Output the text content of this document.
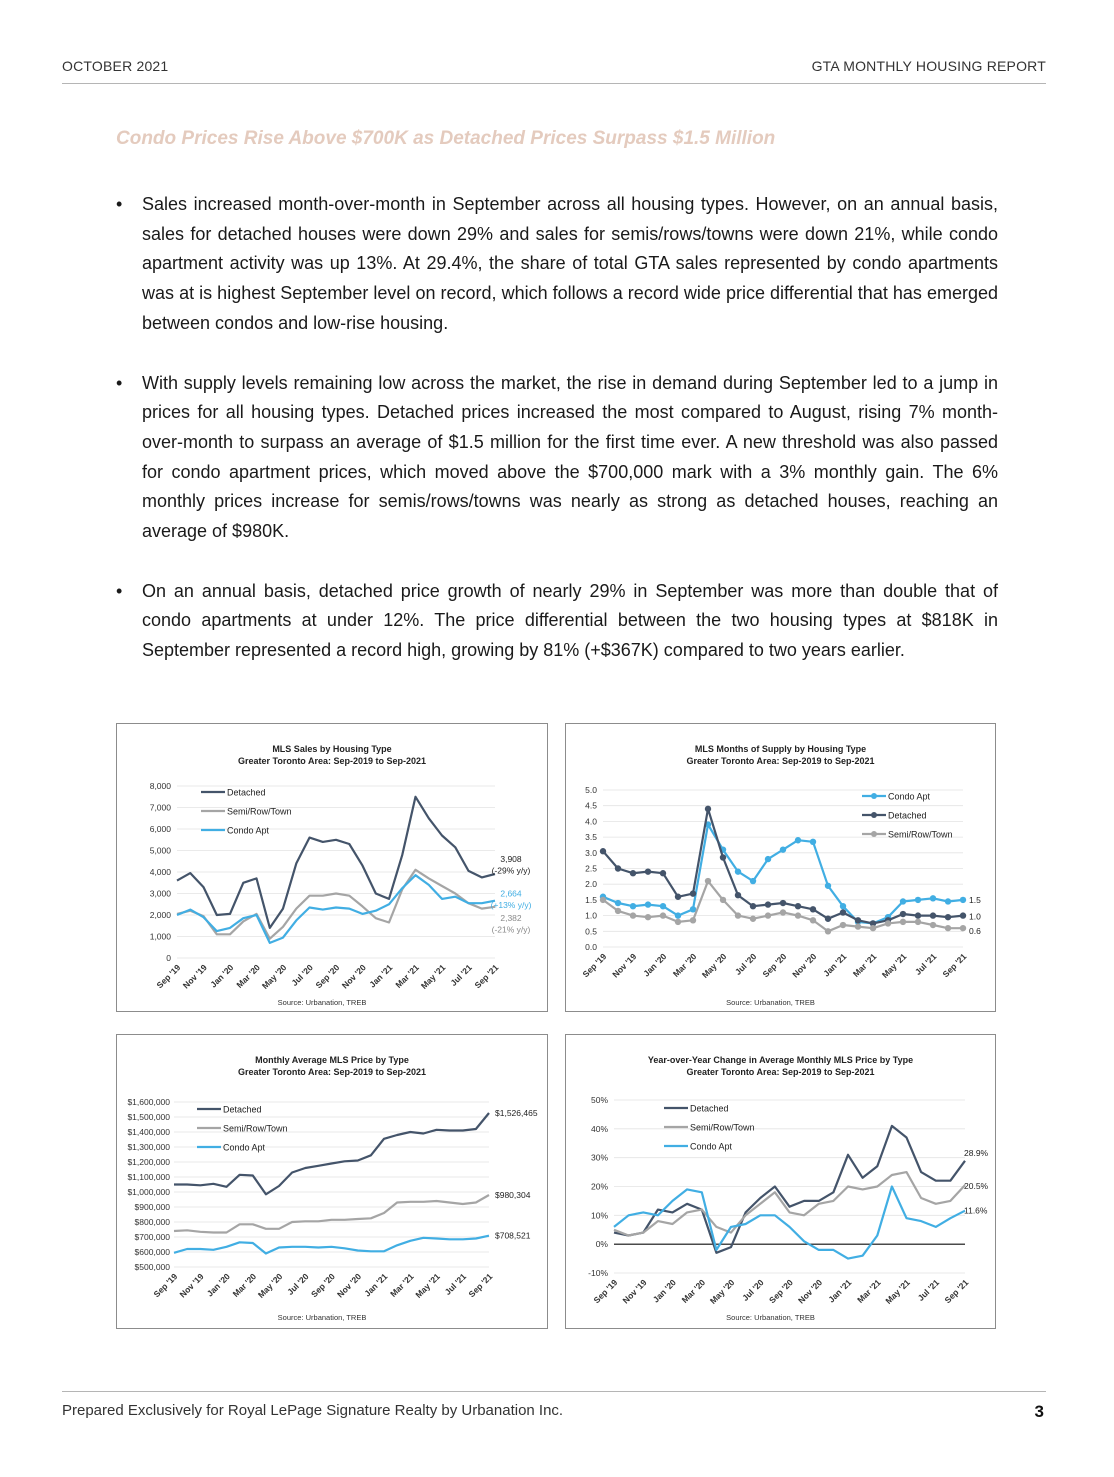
OCTOBER 2021	GTA MONTHLY HOUSING REPORT
Condo Prices Rise Above $700K as Detached Prices Surpass $1.5 Million
• Sales increased month-over-month in September across all housing types. However, on an annual basis, sales for detached houses were down 29% and sales for semis/rows/towns were down 21%, while condo apartment activity was up 13%. At 29.4%, the share of total GTA sales represented by condo apartments was at is highest September level on record, which follows a record wide price differential that has emerged between condos and low-rise housing.
• With supply levels remaining low across the market, the rise in demand during September led to a jump in prices for all housing types. Detached prices increased the most compared to August, rising 7% month-over-month to surpass an average of $1.5 million for the first time ever. A new threshold was also passed for condo apartment prices, which moved above the $700,000 mark with a 3% monthly gain. The 6% monthly prices increase for semis/rows/towns was nearly as strong as detached houses, reaching an average of $980K.
• On an annual basis, detached price growth of nearly 29% in September was more than double that of condo apartments at under 12%. The price differential between the two housing types at $818K in September represented a record high, growing by 81% (+$367K) compared to two years earlier.
MLS Sales by Housing Type
Greater Toronto Area: Sep-2019 to Sep-2021
0
1,000
2,000
3,000
4,000
5,000
6,000
7,000
8,000
Sep '19
Nov '19 Jan '20
Mar '20
May '20 Jul '20
Sep '20
Nov '20 Jan '21
Mar '21
May '21 Jul '21
Sep '21
Detached
Semi/Row/Town
Condo Apt
3,908
(-29% y/y)
2,664
(+13% y/y)
2,382
(-21% y/y)
Source: Urbanation, TREB
MLS Months of Supply by Housing Type
Greater Toronto Area: Sep-2019 to Sep-2021
0.0
0.5
1.0
1.5
2.0
2.5
3.0
3.5
4.0
4.5
5.0
Sep '19 Nov '19 Jan '20 Mar '20 May '20 Jul '20 Sep '20 Nov '20 Jan '21 Mar '21 May '21 Jul '21 Sep '21
Condo Apt
Detached
Semi/Row/Town
1.5
1.0
0.6
Source: Urbanation, TREB
Monthly Average MLS Price by Type
Greater Toronto Area: Sep-2019 to Sep-2021
$500,000
$600,000
$700,000
$800,000
$900,000
$1,000,000
$1,100,000
$1,200,000
$1,300,000
$1,400,000
$1,500,000
$1,600,000
Sep '19
Nov '19 Jan '20
Mar '20
May '20 Jul '20
Sep '20
Nov '20 Jan '21
Mar '21
May '21 Jul '21
Sep '21
Detached
Semi/Row/Town
Condo Apt
$1,526,465
$980,304
$708,521
Source: Urbanation, TREB
Year-over-Year Change in Average Monthly MLS Price by Type
Greater Toronto Area: Sep-2019 to Sep-2021
-10%
0%
10%
20%
30%
40%
50%
Sep '19 Nov '19 Jan '20 Mar '20 May '20 Jul '20 Sep '20 Nov '20 Jan '21 Mar '21 May '21 Jul '21 Sep '21
Detached
Semi/Row/Town
Condo Apt
28.9%
20.5%
11.6%
Source: Urbanation, TREB
Prepared Exclusively for Royal LePage Signature Realty by Urbanation Inc.	3
